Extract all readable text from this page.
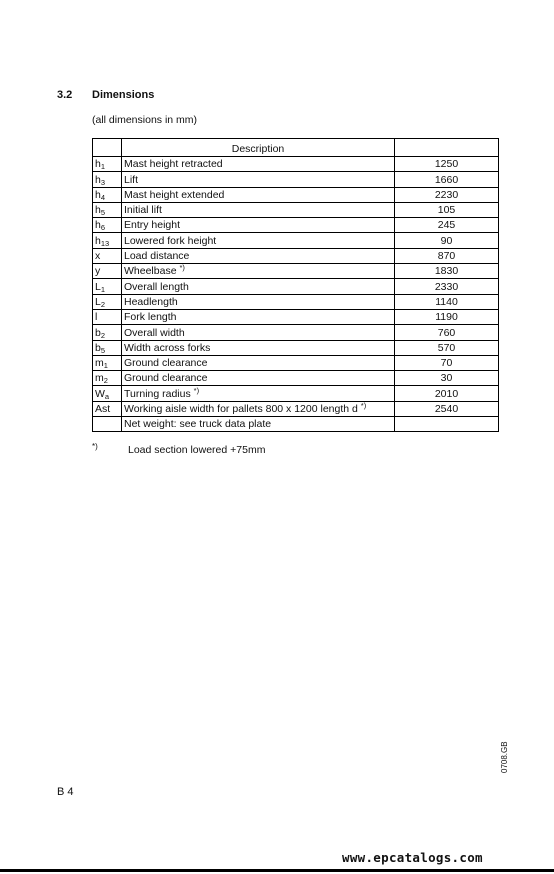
3.2 Dimensions
(all dimensions in mm)
	Description	
$h_1$	Mast height retracted	1250
$h_3$	Lift	1660
$h_4$	Mast height extended	2230
$h_5$	Initial lift	105
$h_6$	Entry height	245
$h_{13}$	Lowered fork height	90
x	Load distance	870
y	Wheelbase *)	1830
$L_1$	Overall length	2330
$L_2$	Headlength	1140
l	Fork length	1190
$b_2$	Overall width	760
$b_5$	Width across forks	570
$m_1$	Ground clearance	70
$m_2$	Ground clearance	30
$W_a$	Turning radius *)	2010
Ast	Working aisle width for pallets 800 x 1200 length d *)	2540
	Net weight: see truck data plate	
*)	Load section lowered +75mm
0708.GB
B 4
www.epcatalogs.com
